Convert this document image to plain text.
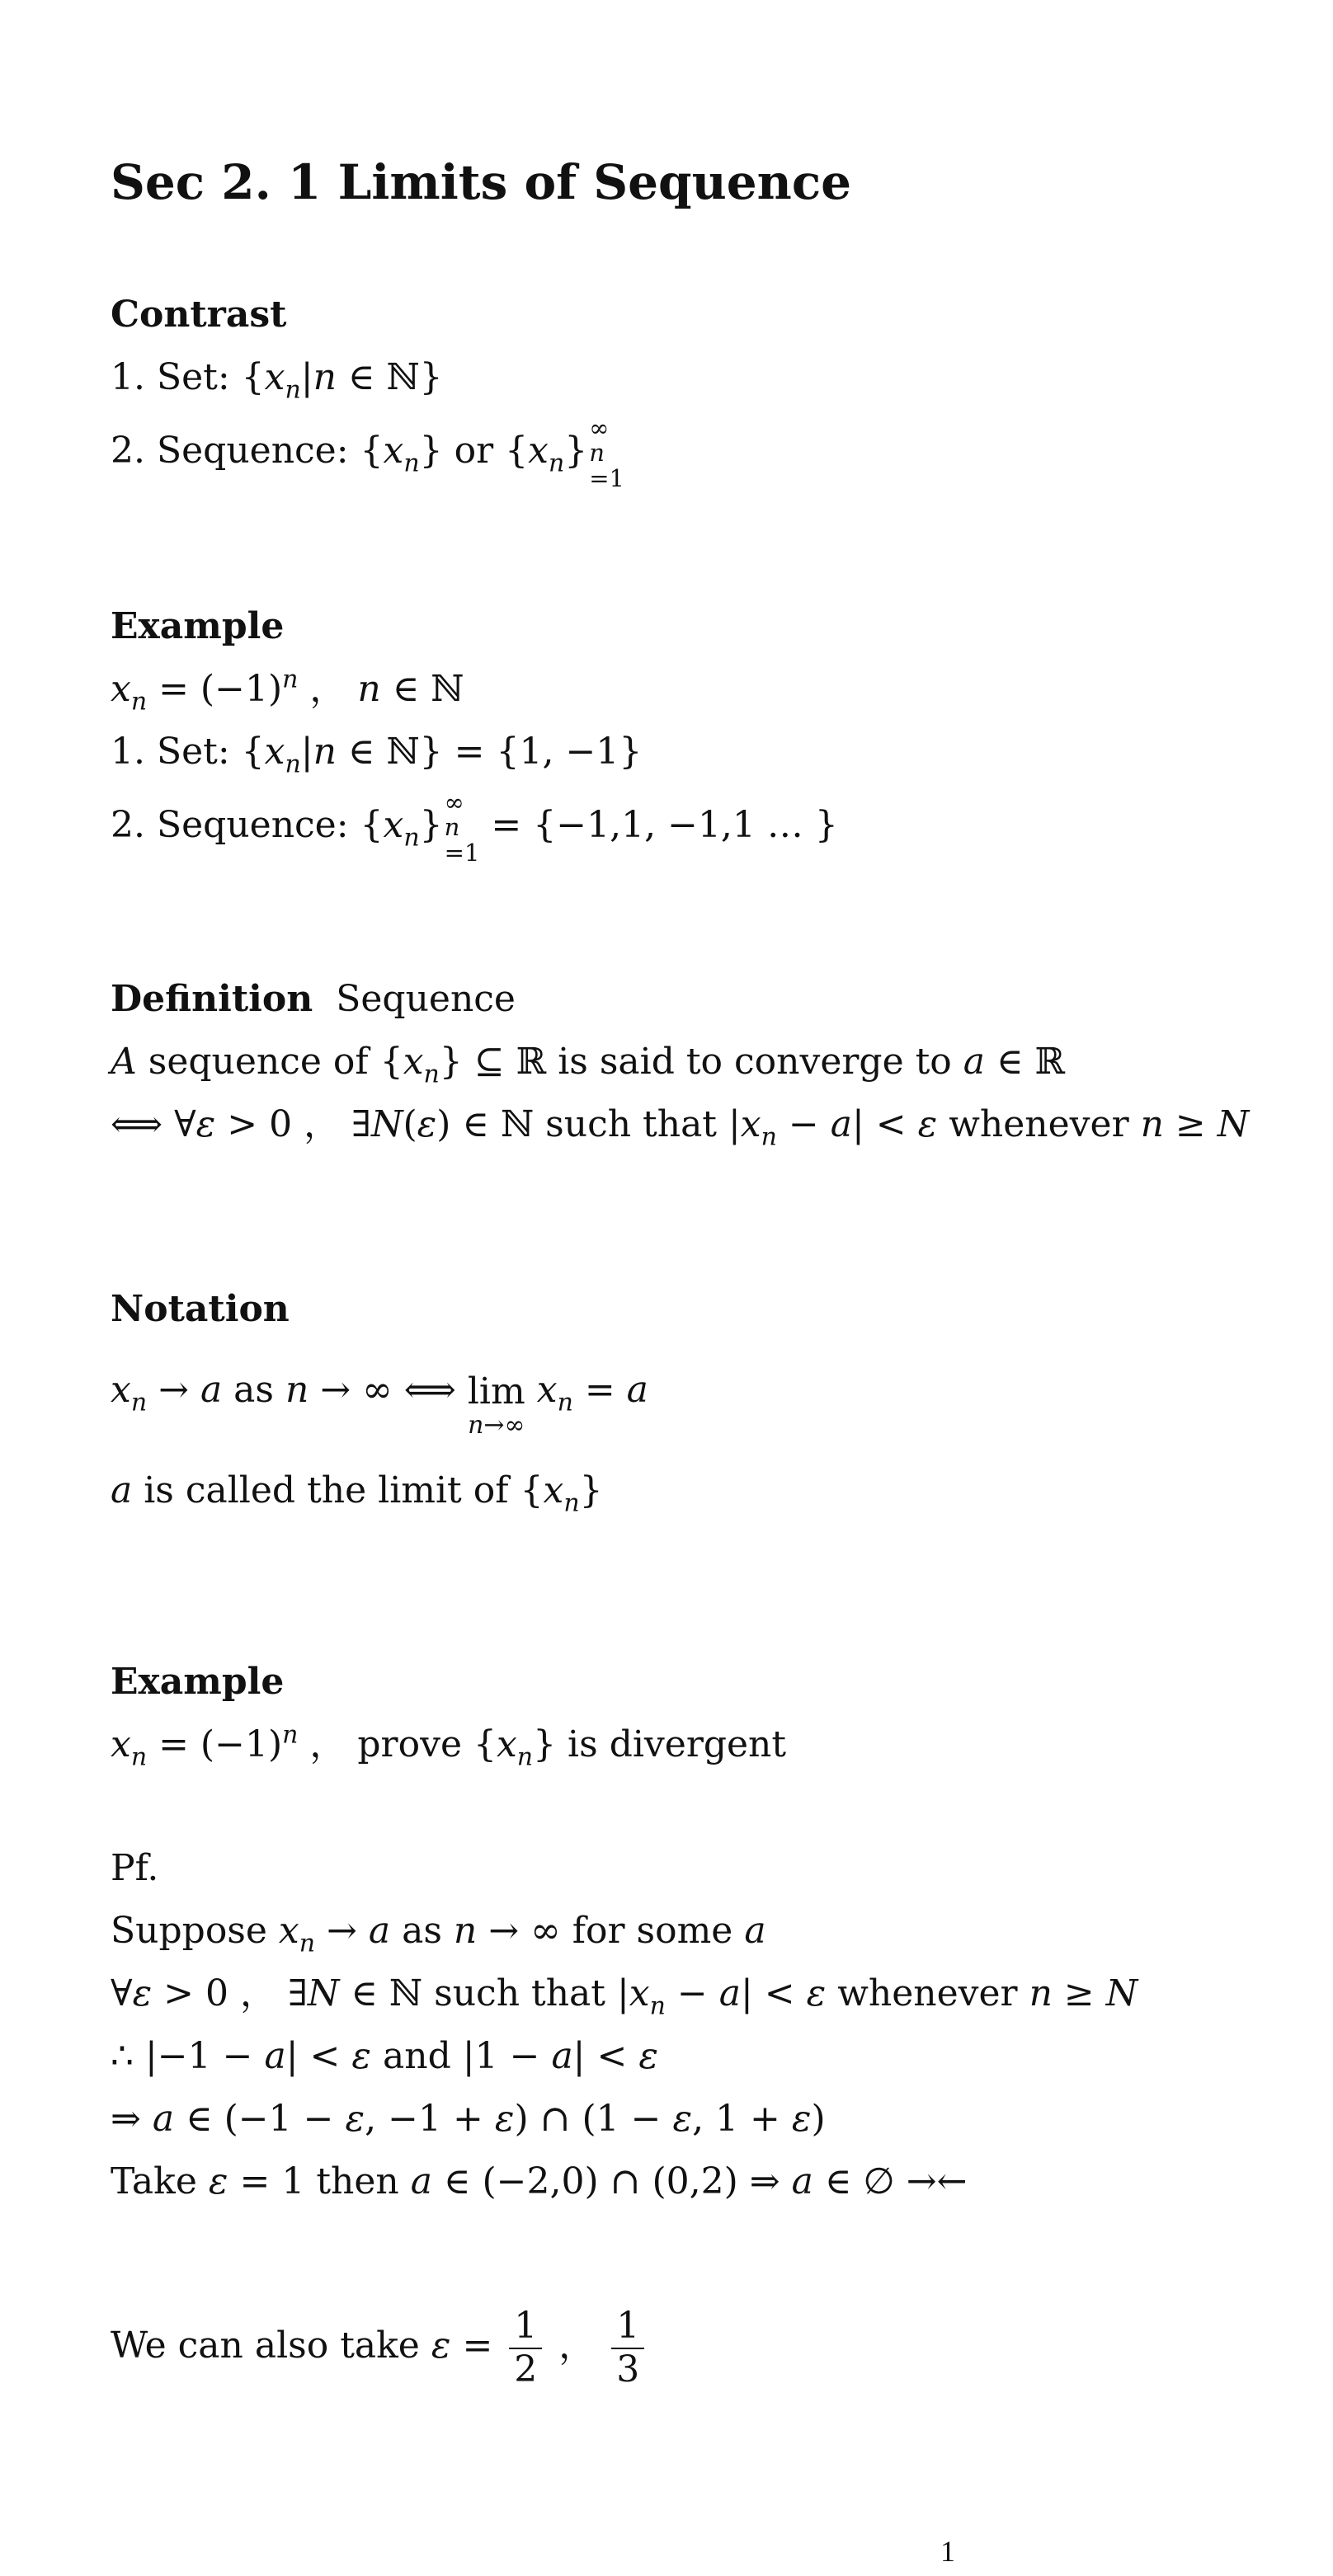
Sec 2. 1 Limits of Sequence
Contrast
1. Set: {$x_n|n$ ∈ ℕ}
2. Sequence: $\{x_n\}$ or $\{x_n\}$
∞
n
=1
Example
$x_n = (-1)^n$ ， n ∈ ℕ
1. Set: {$x_n|n$ ∈ ℕ} = {1, −1}
2. Sequence: $\{x_n\}$
∞
n
=1
= {−1,1, −1,1 … }
Definition Sequence
A sequence of $\{x_n\}$ ⊆ ℝ is said to converge to a ∈ ℝ
⟺ ∀ε > 0 ， ∃N(ε) ∈ ℕ such that $|x_n - a| < \varepsilon$ whenever n ≥ N
Notation
$x_n \to a$ as n → ∞ ⟺ lim
n→∞
$x_n = a$
a is called the limit of $\{x_n\}$
Example
$x_n = (-1)^n$ ， prove $\{x_n\}$ is divergent
Pf.
Suppose $x_n \to a$ as n → ∞ for some a
∀ε > 0 ， ∃N ∈ ℕ such that $|x_n - a| < \varepsilon$ whenever n ≥ N
∴ |−1 − a| < ε and |1 − a| < ε
⇒ a ∈ (−1 − ε, −1 + ε) ∩ (1 − ε, 1 + ε)
Take ε = 1 then a ∈ (−2,0) ∩ (0,2) ⇒ a ∈ ∅ →←
We can also take $\varepsilon = \frac{1}{2}$ ， $\frac{1}{3}$
1
